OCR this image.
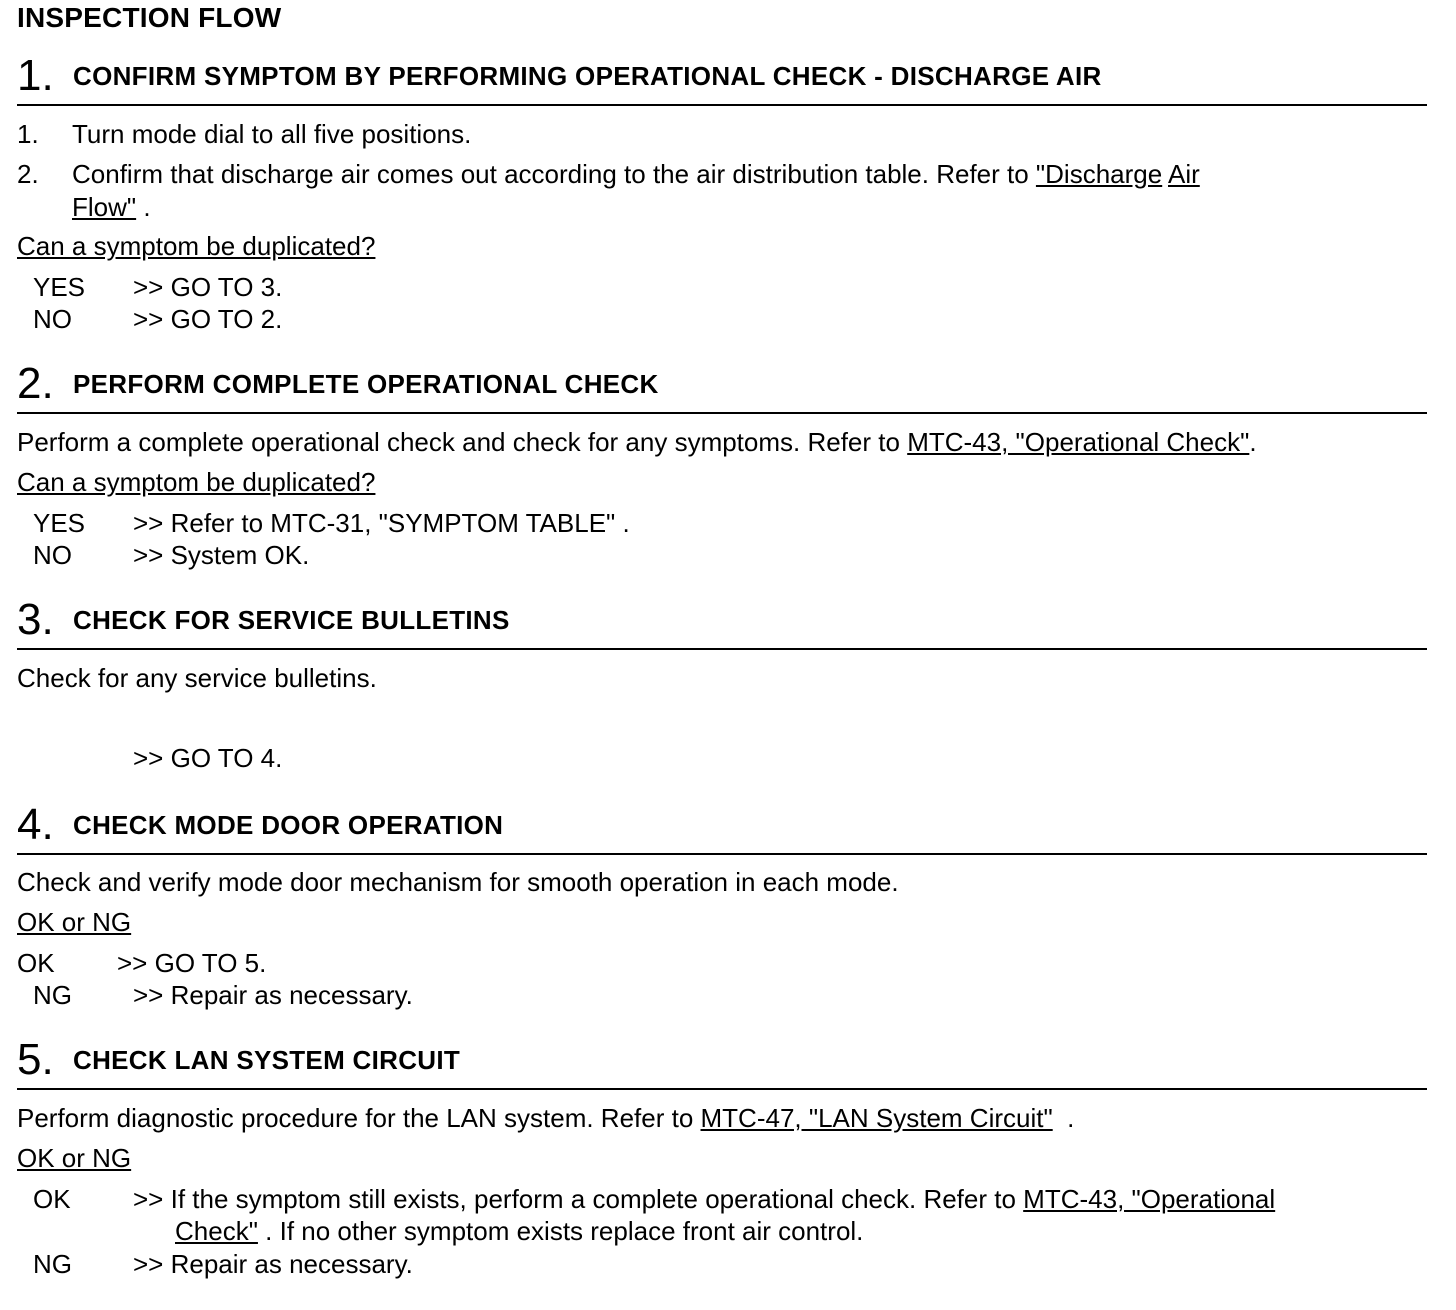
INSPECTION FLOW
1. CONFIRM SYMPTOM BY PERFORMING OPERATIONAL CHECK - DISCHARGE AIR
1. Turn mode dial to all five positions.
2. Confirm that discharge air comes out according to the air distribution table. Refer to "Discharge Air
Flow" .
Can a symptom be duplicated?
YES >> GO TO 3.
NO >> GO TO 2.
2. PERFORM COMPLETE OPERATIONAL CHECK
Perform a complete operational check and check for any symptoms. Refer to MTC-43, "Operational Check".
Can a symptom be duplicated?
YES >> Refer to MTC-31, "SYMPTOM TABLE" .
NO >> System OK.
3. CHECK FOR SERVICE BULLETINS
Check for any service bulletins.
>> GO TO 4.
4. CHECK MODE DOOR OPERATION
Check and verify mode door mechanism for smooth operation in each mode.
OK or NG
OK >> GO TO 5.
NG >> Repair as necessary.
5. CHECK LAN SYSTEM CIRCUIT
Perform diagnostic procedure for the LAN system. Refer to MTC-47, "LAN System Circuit"  .
OK or NG
OK >> If the symptom still exists, perform a complete operational check. Refer to MTC-43, "Operational
Check" . If no other symptom exists replace front air control.
NG >> Repair as necessary.
